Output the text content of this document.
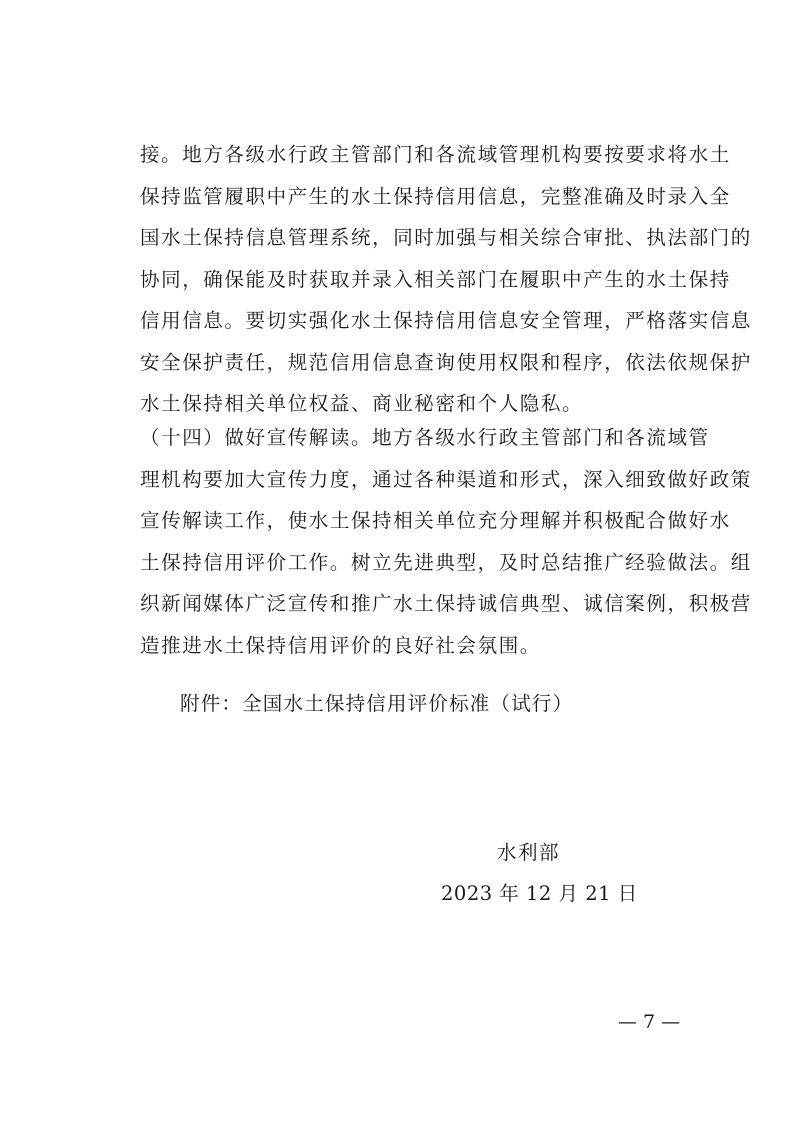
接。地方各级水行政主管部门和各流域管理机构要按要求将水土
保持监管履职中产生的水土保持信用信息，完整准确及时录入全
国水土保持信息管理系统，同时加强与相关综合审批、执法部门的
协同，确保能及时获取并录入相关部门在履职中产生的水土保持
信用信息。要切实强化水土保持信用信息安全管理，严格落实信息
安全保护责任，规范信用信息查询使用权限和程序，依法依规保护
水土保持相关单位权益、商业秘密和个人隐私。
（十四）做好宣传解读。地方各级水行政主管部门和各流域管
理机构要加大宣传力度，通过各种渠道和形式，深入细致做好政策
宣传解读工作，使水土保持相关单位充分理解并积极配合做好水
土保持信用评价工作。树立先进典型，及时总结推广经验做法。组
织新闻媒体广泛宣传和推广水土保持诚信典型、诚信案例，积极营
造推进水土保持信用评价的良好社会氛围。
附件：全国水土保持信用评价标准（试行）
水利部
2023 年 12 月 21 日
— 7 —
